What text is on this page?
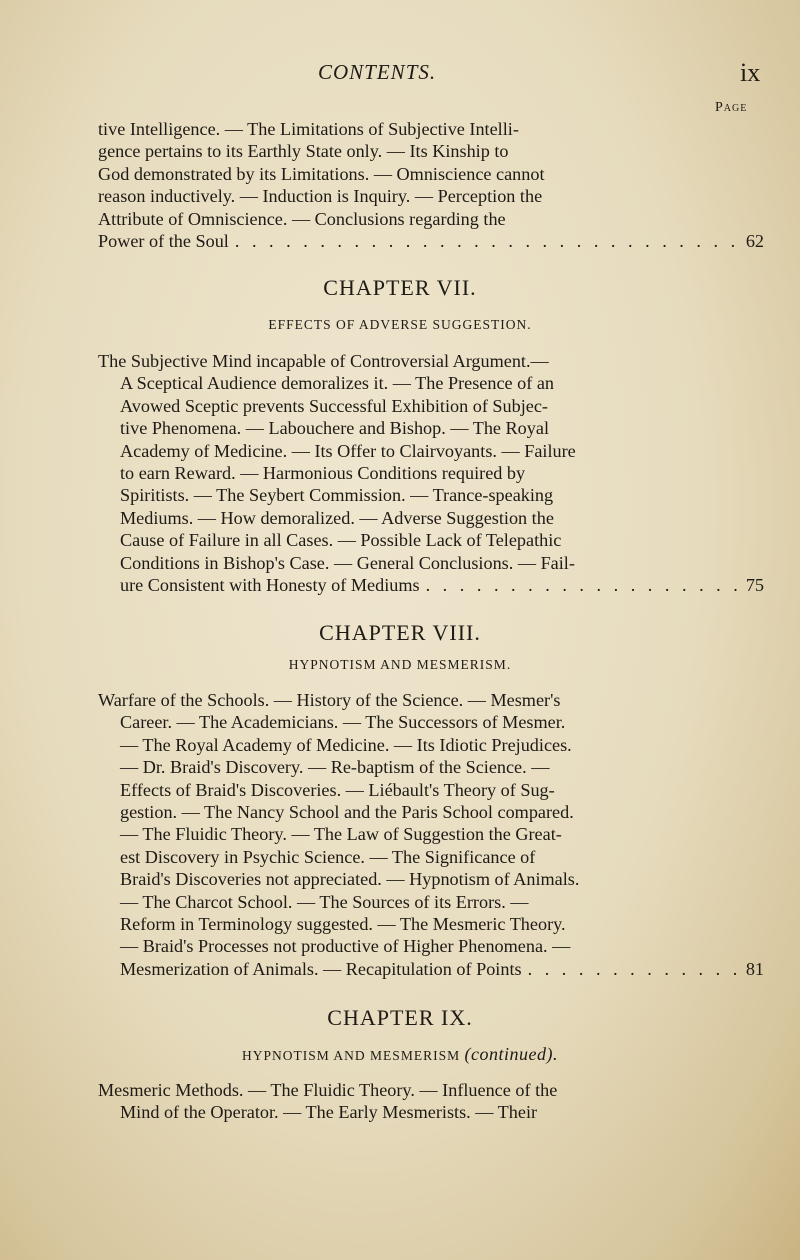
CONTENTS.	ix
Page
tive Intelligence. — The Limitations of Subjective Intelli-
gence pertains to its Earthly State only. — Its Kinship to
God demonstrated by its Limitations. — Omniscience cannot
reason inductively. — Induction is Inquiry. — Perception the
Attribute of Omniscience. — Conclusions regarding the
Power of the Soul . . .	62
CHAPTER VII.
EFFECTS OF ADVERSE SUGGESTION.
The Subjective Mind incapable of Controversial Argument.—
A Sceptical Audience demoralizes it. — The Presence of an
Avowed Sceptic prevents Successful Exhibition of Subjec-
tive Phenomena. — Labouchere and Bishop. — The Royal
Academy of Medicine. — Its Offer to Clairvoyants. — Failure
to earn Reward. — Harmonious Conditions required by
Spiritists. — The Seybert Commission. — Trance-speaking
Mediums. — How demoralized. — Adverse Suggestion the
Cause of Failure in all Cases. — Possible Lack of Telepathic
Conditions in Bishop's Case. — General Conclusions. — Fail-
ure Consistent with Honesty of Mediums . . .	75
CHAPTER VIII.
HYPNOTISM AND MESMERISM.
Warfare of the Schools. — History of the Science. — Mesmer's
Career. — The Academicians. — The Successors of Mesmer.
— The Royal Academy of Medicine. — Its Idiotic Prejudices.
— Dr. Braid's Discovery. — Re-baptism of the Science. —
Effects of Braid's Discoveries. — Liébault's Theory of Sug-
gestion. — The Nancy School and the Paris School compared.
— The Fluidic Theory. — The Law of Suggestion the Great-
est Discovery in Psychic Science. — The Significance of
Braid's Discoveries not appreciated. — Hypnotism of Animals.
— The Charcot School. — The Sources of its Errors. —
Reform in Terminology suggested. — The Mesmeric Theory.
— Braid's Processes not productive of Higher Phenomena. —
Mesmerization of Animals. — Recapitulation of Points . . .	81
CHAPTER IX.
HYPNOTISM AND MESMERISM (continued).
Mesmeric Methods. — The Fluidic Theory. — Influence of the
Mind of the Operator. — The Early Mesmerists. — Their
